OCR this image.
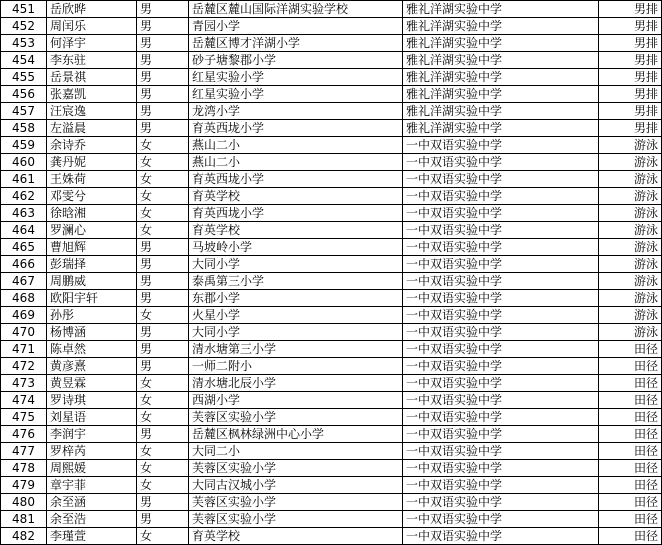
451	岳欣晔	男	岳麓区麓山国际洋湖实验学校	雅礼洋湖实验中学	男排
452	周闰乐	男	青园小学	雅礼洋湖实验中学	男排
453	何泽宇	男	岳麓区博才洋湖小学	雅礼洋湖实验中学	男排
454	李东驻	男	砂子塘黎郡小学	雅礼洋湖实验中学	男排
455	岳景祺	男	红星实验小学	雅礼洋湖实验中学	男排
456	张嘉凯	男	红星实验小学	雅礼洋湖实验中学	男排
457	汪宸逸	男	龙湾小学	雅礼洋湖实验中学	男排
458	左溢晨	男	育英西垅小学	雅礼洋湖实验中学	男排
459	余诗乔	女	燕山二小	一中双语实验中学	游泳
460	龚丹妮	女	燕山二小	一中双语实验中学	游泳
461	王姝荷	女	育英西垅小学	一中双语实验中学	游泳
462	邓雯兮	女	育英学校	一中双语实验中学	游泳
463	徐晗湘	女	育英西垅小学	一中双语实验中学	游泳
464	罗澜心	女	育英学校	一中双语实验中学	游泳
465	曹旭辉	男	马坡岭小学	一中双语实验中学	游泳
466	彭瑞择	男	大同小学	一中双语实验中学	游泳
467	周鹏威	男	泰禹第三小学	一中双语实验中学	游泳
468	欧阳宇轩	男	东郡小学	一中双语实验中学	游泳
469	孙彤	女	火星小学	一中双语实验中学	游泳
470	杨博涵	男	大同小学	一中双语实验中学	游泳
471	陈卓然	男	清水塘第三小学	一中双语实验中学	田径
472	黄彦熹	男	一师二附小	一中双语实验中学	田径
473	黄昱霖	女	清水塘北辰小学	一中双语实验中学	田径
474	罗诗琪	女	西湖小学	一中双语实验中学	田径
475	刘星语	女	芙蓉区实验小学	一中双语实验中学	田径
476	李润宇	男	岳麓区枫林绿洲中心小学	一中双语实验中学	田径
477	罗梓芮	女	大同二小	一中双语实验中学	田径
478	周熙媛	女	芙蓉区实验小学	一中双语实验中学	田径
479	章宇菲	女	大同古汉城小学	一中双语实验中学	田径
480	余至涵	男	芙蓉区实验小学	一中双语实验中学	田径
481	余至浩	男	芙蓉区实验小学	一中双语实验中学	田径
482	李瑾萱	女	育英学校	一中双语实验中学	田径
